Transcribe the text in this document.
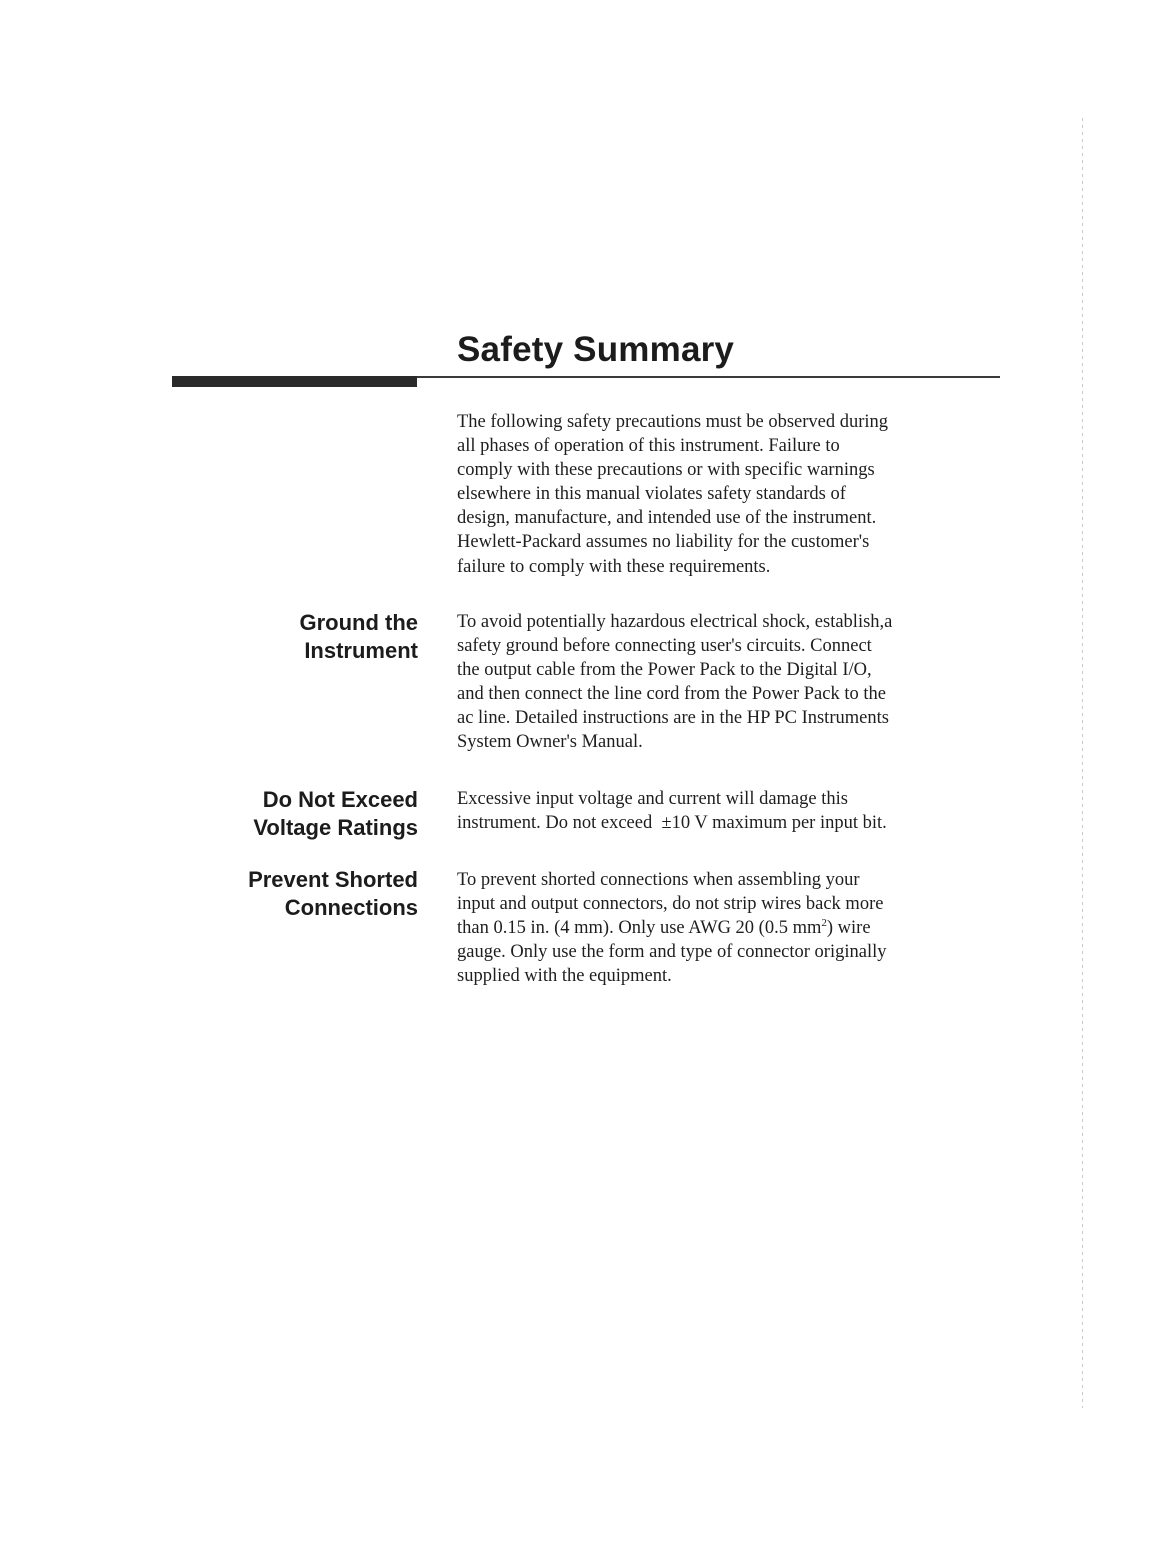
Safety Summary

The following safety precautions must be observed during
all phases of operation of this instrument. Failure to
comply with these precautions or with specific warnings
elsewhere in this manual violates safety standards of
design, manufacture, and intended use of the instrument.
Hewlett-Packard assumes no liability for the customer's
failure to comply with these requirements.

Ground the
Instrument

To avoid potentially hazardous electrical shock, establish,a
safety ground before connecting user's circuits. Connect
the output cable from the Power Pack to the Digital I/O,
and then connect the line cord from the Power Pack to the
ac line. Detailed instructions are in the HP PC Instruments
System Owner's Manual.

Do Not Exceed
Voltage Ratings

Excessive input voltage and current will damage this
instrument. Do not exceed  ±10 V maximum per input bit.

Prevent Shorted
Connections

To prevent shorted connections when assembling your
input and output connectors, do not strip wires back more
than 0.15 in. (4 mm). Only use AWG 20 (0.5 $mm^2$) wire
gauge. Only use the form and type of connector originally
supplied with the equipment.
